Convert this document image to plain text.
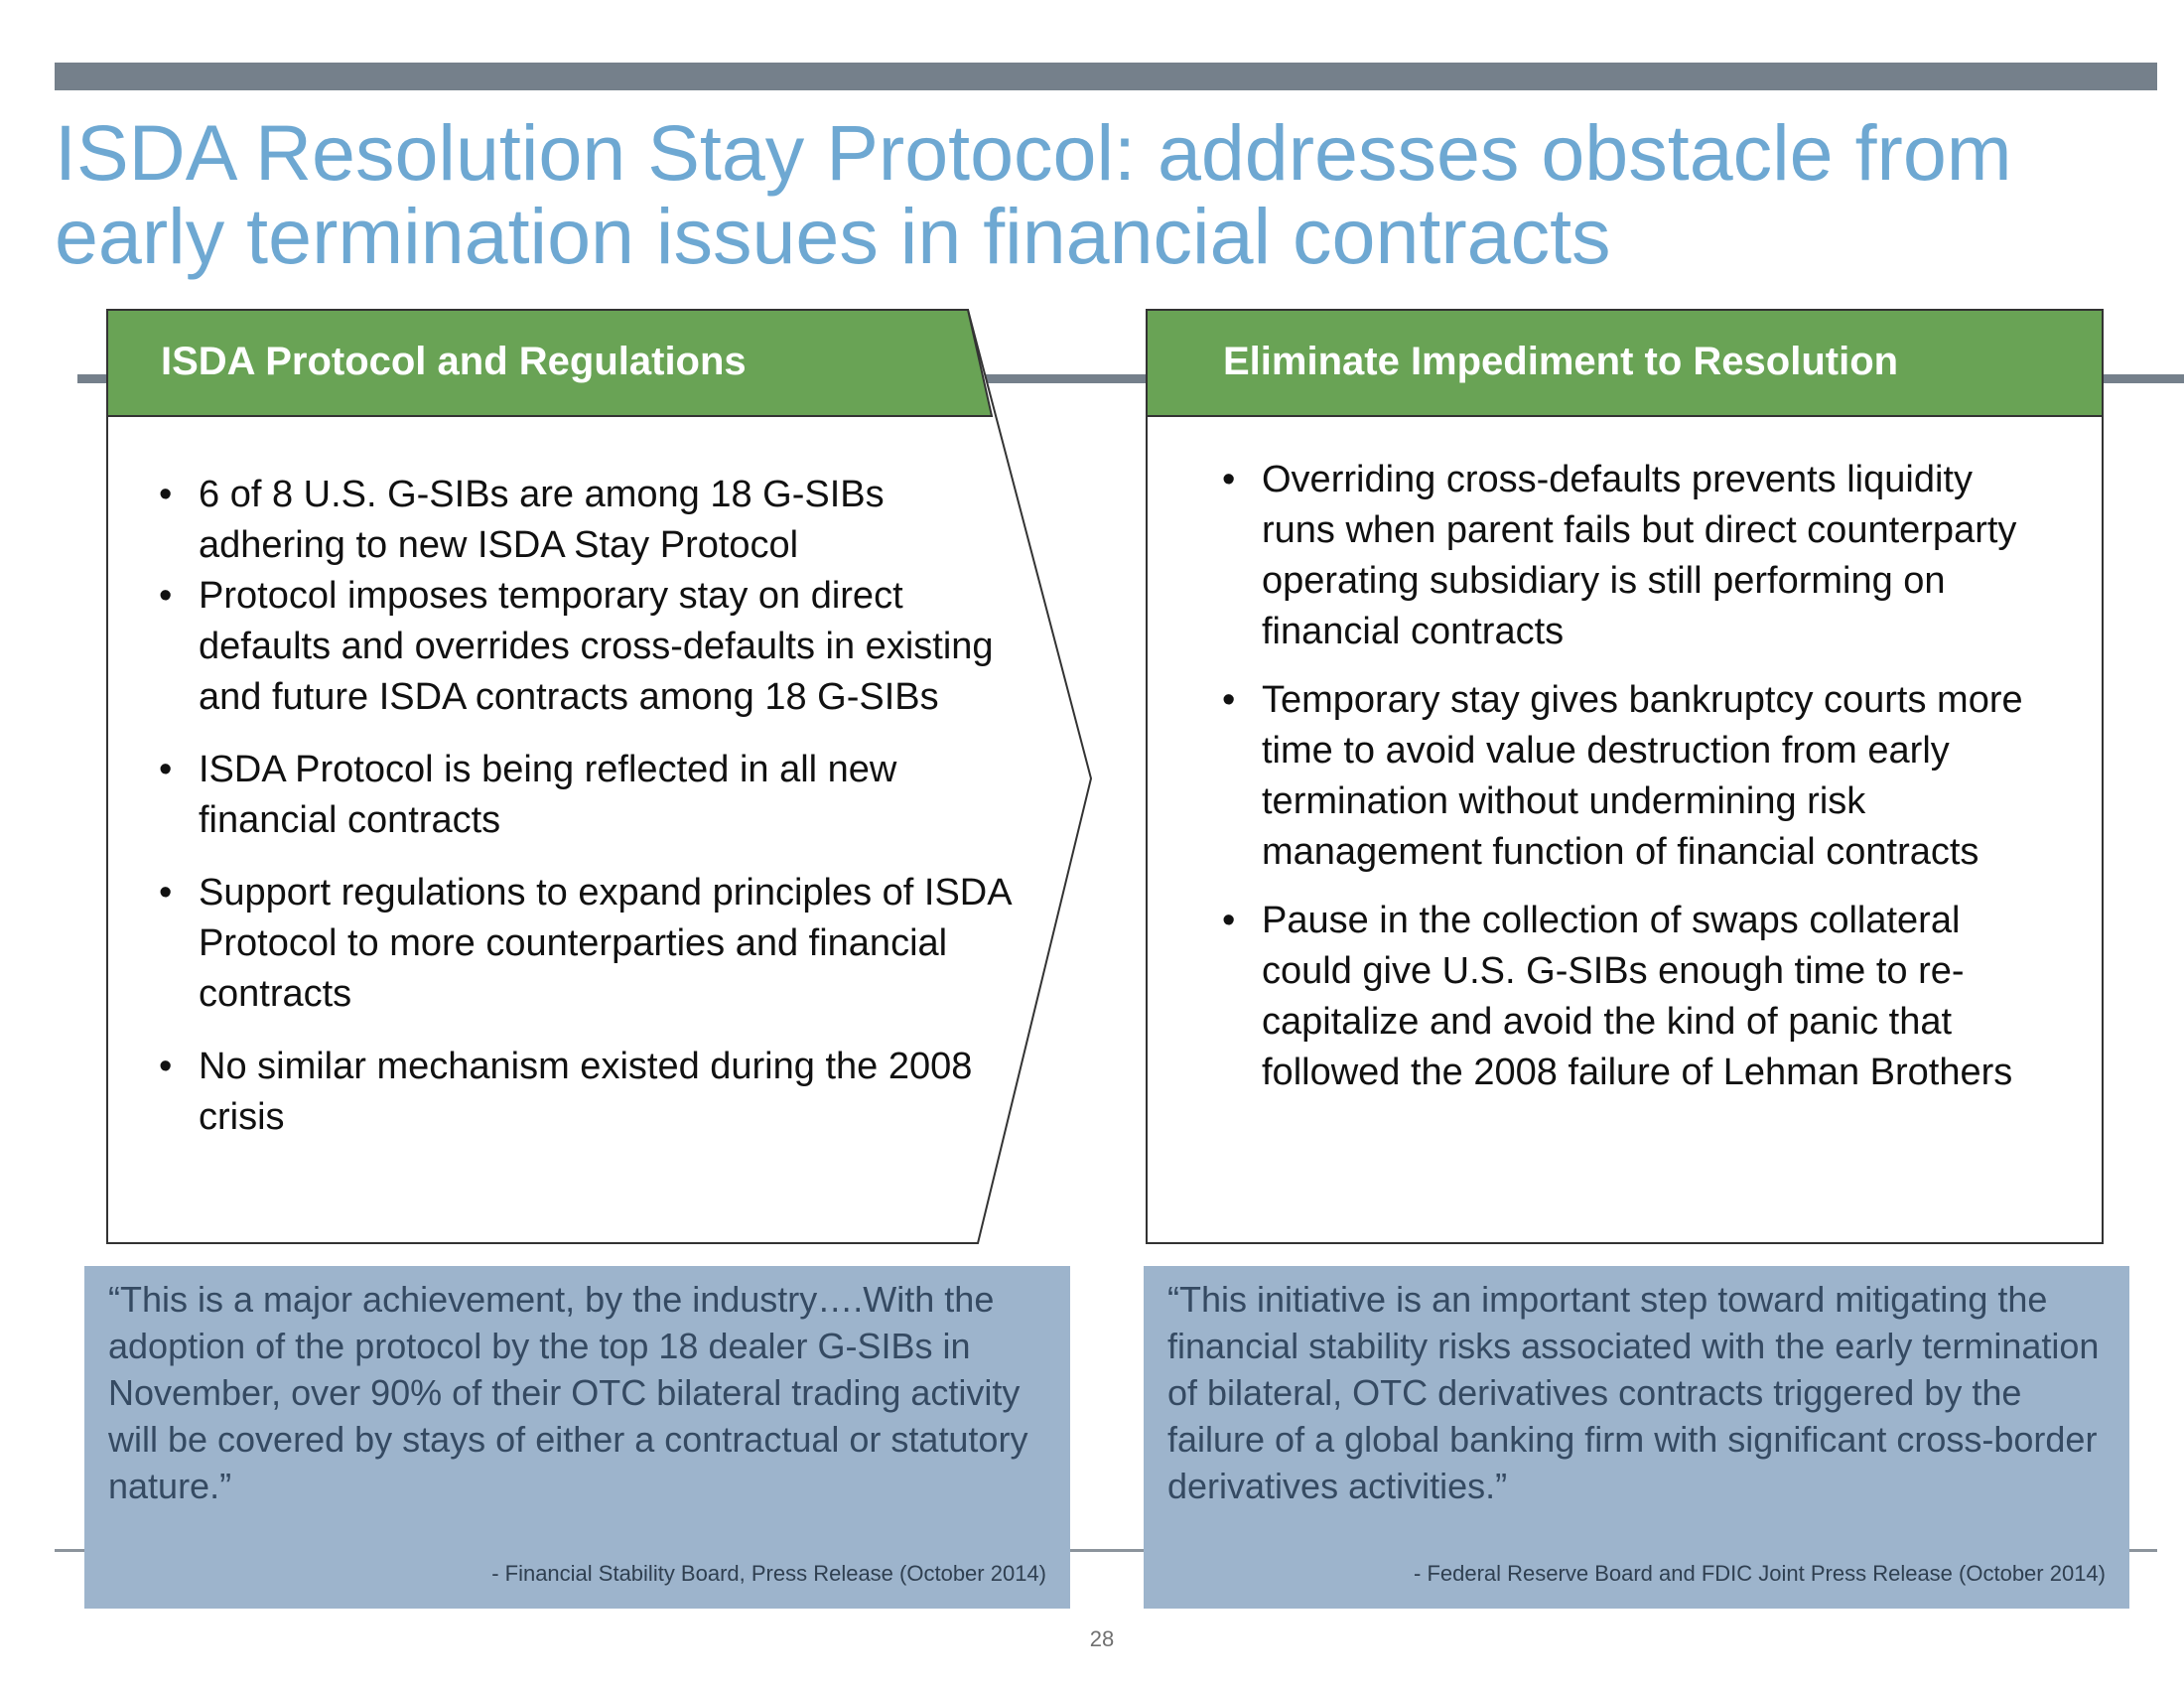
ISDA Resolution Stay Protocol: addresses obstacle from early termination issues in financial contracts
ISDA Protocol and Regulations	Eliminate Impediment to Resolution
• 6 of 8 U.S. G-SIBs are among 18 G-SIBs adhering to new ISDA Stay Protocol
• Protocol imposes temporary stay on direct defaults and overrides cross-defaults in existing and future ISDA contracts among 18 G-SIBs
• ISDA Protocol is being reflected in all new financial contracts
• Support regulations to expand principles of ISDA Protocol to more counterparties and financial contracts
• No similar mechanism existed during the 2008 crisis
• Overriding cross-defaults prevents liquidity runs when parent fails but direct counterparty operating subsidiary is still performing on financial contracts
• Temporary stay gives bankruptcy courts more time to avoid value destruction from early termination without undermining risk management function of financial contracts
• Pause in the collection of swaps collateral could give U.S. G-SIBs enough time to re-capitalize and avoid the kind of panic that followed the 2008 failure of Lehman Brothers

“This is a major achievement, by the industry….With the adoption of the protocol by the top 18 dealer G-SIBs in November, over 90% of their OTC bilateral trading activity will be covered by stays of either a contractual or statutory nature.”

- Financial Stability Board, Press Release (October 2014)

“This initiative is an important step toward mitigating the financial stability risks associated with the early termination of bilateral, OTC derivatives contracts triggered by the failure of a global banking firm with significant cross-border derivatives activities.”

- Federal Reserve Board and FDIC Joint Press Release (October 2014)
28
